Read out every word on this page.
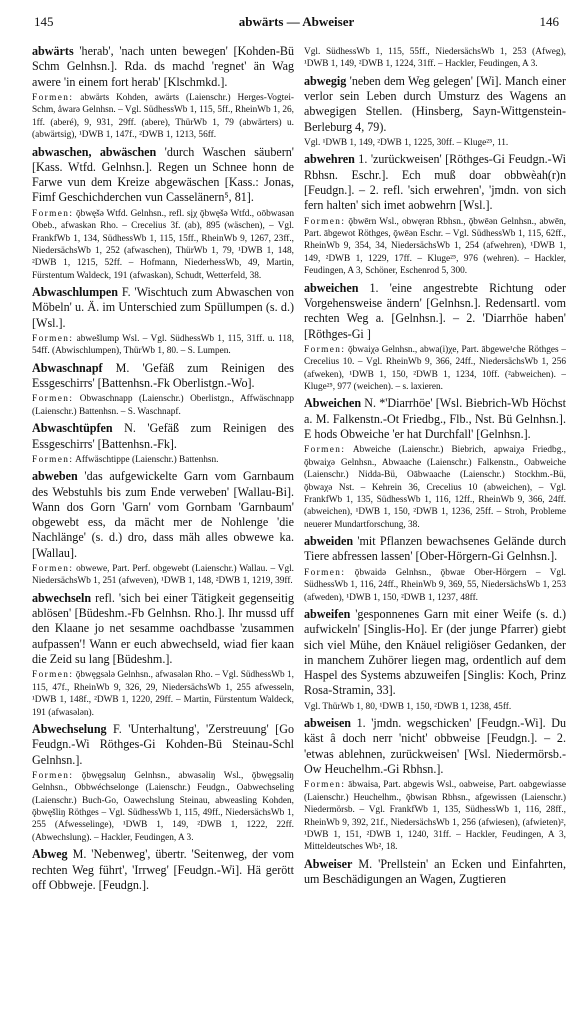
145	abwärts — Abweiser	146

abwärts 'herab', 'nach unten bewegen' [Kohden-Bü Schm Gelnhsn.]. Rda. ds machd 'regnet' än Wag awere 'in einem fort herab' [Klschmkd.].

Formen: abwärts Kohden, awärts (Laienschr.) Herges-Vogtei-Schm, åwarə Gelnhsn. – Vgl. SüdhessWb 1, 115, 5ff., RheinWb 1, 26, 1ff. (aberé), 9, 931, 29ff. (abere), ThürWb 1, 79 (abwärters) u. (abwärtsig), ¹DWB 1, 147f., ²DWB 1, 1213, 56ff.

abwaschen, abwäschen 'durch Waschen säubern' [Kass. Wtfd. Gelnhsn.]. Regen un Schnee honn de Farwe vun dem Kreize abgewäschen [Kass.: Jonas, Fimf Geschichderchen vun Casselänern⁵, 81].

Formen: ǭbwęšə Wtfd. Gelnhsn., refl. sįχ ǭbwęšə Wtfd., oōbwasən Obeb., afwaskən Rho. – Crecelius 3f. (ab), 895 (wäschen), – Vgl. FrankfWb 1, 134, SüdhessWb 1, 115, 15ff., RheinWb 9, 1267, 23ff., NiedersächsWb 1, 252 (afwaschen), ThürWb 1, 79, ¹DWB 1, 148, ²DWB 1, 1215, 52ff. – Hofmann, NiederhessWb, 49, Martin, Fürstentum Waldeck, 191 (afwaskən), Schudt, Wetterfeld, 38.

Abwaschlumpen F. 'Wischtuch zum Abwaschen von Möbeln' u. Ä. im Unterschied zum Spüllumpen (s. d.) [Wsl.].

Formen: abwešlump Wsl. – Vgl. SüdhessWb 1, 115, 31ff. u. 118, 54ff. (Abwischlumpen), ThürWb 1, 80. – S. Lumpen.

Abwaschnapf M. 'Gefäß zum Reinigen des Essgeschirrs' [Battenhsn.-Fk Oberlistgn.-Wo].

Formen: Obwaschnapp (Laienschr.) Oberlistgn., Affwäschnapp (Laienschr.) Battenhsn. – S. Waschnapf.

Abwaschtüpfen N. 'Gefäß zum Reinigen des Essgeschirrs' [Battenhsn.-Fk].

Formen: Affwäschtippe (Laienschr.) Battenhsn.

abweben 'das aufgewickelte Garn vom Garnbaum des Webstuhls bis zum Ende verweben' [Wallau-Bi]. Wann dos Gorn 'Garn' vom Gornbam 'Garnbaum' obgewebt ess, da mächt mer de Nohlenge 'die Nachlänge' (s. d.) dro, dass mäh alles obwewe ka. [Wallau].

Formen: obwewe, Part. Perf. obgewebt (Laienschr.) Wallau. – Vgl. NiedersächsWb 1, 251 (afweven), ¹DWB 1, 148, ²DWB 1, 1219, 39ff.

abwechseln refl. 'sich bei einer Tätigkeit gegenseitig ablösen' [Büdeshm.-Fb Gelnhsn. Rho.]. Ihr mussd uff den Klaane jo net sesamme oachdbasse 'zusammen aufpassen'! Wann er euch abwechseld, wiad fier kaan die Zeid su lang [Büdeshm.].

Formen: ǭbwęgsələ Gelnhsn., afwasələn Rho. – Vgl. SüdhessWb 1, 115, 47f., RheinWb 9, 326, 29, NiedersächsWb 1, 255 afwesseln, ¹DWB 1, 148f., ²DWB 1, 1220, 29ff. – Martin, Fürstentum Waldeck, 191 (afwasələn).

Abwechselung F. 'Unterhaltung', 'Zerstreuung' [Go Feudgn.-Wi Röthges-Gi Kohden-Bü Steinau-Schl Gelnhsn.].

Formen: ǭbwęgsəluŋ Gelnhsn., abwasəliŋ Wsl., ǭbwęgsəliŋ Gelnhsn., Obbwéchselonge (Laienschr.) Feudgn., Oabwechseling (Laienschr.) Buch-Go, Oawechslung Steinau, abweasling Kohden, ǭbwęšliŋ Röthges – Vgl. SüdhessWb 1, 115, 49ff., NiedersächsWb 1, 255 (Afwesselinge), ¹DWB 1, 149, ²DWB 1, 1222, 22ff. (Abwechslung). – Hackler, Feudingen, A 3.

Abweg M. 'Nebenweg', übertr. 'Seitenweg, der vom rechten Weg führt', 'Irrweg' [Feudgn.-Wi]. Hä gerött off Obbweje. [Feudgn.].

Vgl. SüdhessWb 1, 115, 55ff., NiedersächsWb 1, 253 (Afweg), ¹DWB 1, 149, ²DWB 1, 1224, 31ff. – Hackler, Feudingen, A 3.

abwegig 'neben dem Weg gelegen' [Wi]. Manch einer verlor sein Leben durch Umsturz des Wagens an abwegigen Stellen. (Hinsberg, Sayn-Wittgenstein-Berleburg 4, 79).

Vgl. ¹DWB 1, 149, ²DWB 1, 1225, 30ff. – Kluge²⁵, 11.

abwehren 1. 'zurückweisen' [Röthges-Gi Feudgn.-Wi Rbhsn. Eschr.]. Ech muß doar obbwèah(r)n [Feudgn.]. – 2. refl. 'sich erwehren', 'jmdn. von sich fern halten' sich imet aobwehrn [Wsl.].

Formen: ǭbwērn Wsl., obwęrən Rbhsn., ǭbwēǝn Gelnhsn., abwēn, Part. ābgewot Röthges, ǭwēǝn Eschr. – Vgl. SüdhessWb 1, 115, 62ff., RheinWb 9, 354, 34, NiedersächsWb 1, 254 (afwehren), ¹DWB 1, 149, ²DWB 1, 1229, 17ff. – Kluge²⁵, 976 (wehren). – Hackler, Feudingen, A 3, Schöner, Eschenrod 5, 300.

abweichen 1. 'eine angestrebte Richtung oder Vorgehensweise ändern' [Gelnhsn.]. Redensartl. vom rechten Weg a. [Gelnhsn.]. – 2. 'Diarrhöe haben' [Röthges-Gi ]

Formen: ǭbwaiχə Gelnhsn., abwa(i)χe, Part. ābgewe¹che Röthges – Crecelius 10. – Vgl. RheinWb 9, 366, 24ff., NiedersächsWb 1, 256 (afweken), ¹DWB 1, 150, ²DWB 1, 1234, 10ff. (²abweichen). – Kluge²⁵, 977 (weichen). – s. laxieren.

Abweichen N. *'Diarrhöe' [Wsl. Biebrich-Wb Höchst a. M. Falkenstn.-Ot Friedbg., Flb., Nst. Bü Gelnhsn.]. E hods Obweiche 'er hat Durchfall' [Gelnhsn.].

Formen: Abweiche (Laienschr.) Biebrich, apwaiχə Friedbg., ǭbwaiχə Gelnhsn., Abwaache (Laienschr.) Falkenstn., Oabweiche (Laienschr.) Nidda-Bü, Oābwaache (Laienschr.) Stockhm.-Bü, ǭbwaχə Nst. – Kehrein 36, Crecelius 10 (abweichen), – Vgl. FrankfWb 1, 135, SüdhessWb 1, 116, 12ff., RheinWb 9, 366, 24ff. (abweichen), ¹DWB 1, 150, ²DWB 1, 1236, 25ff. – Stroh, Probleme neuerer Mundartforschung, 38.

abweiden 'mit Pflanzen bewachsenes Gelände durch Tiere abfressen lassen' [Ober-Hörgern-Gi Gelnhsn.].

Formen: ǭbwaidə Gelnhsn., ǭbwaɐ Ober-Hörgern – Vgl. SüdhessWb 1, 116, 24ff., RheinWb 9, 369, 55, NiedersächsWb 1, 253 (afweden), ¹DWB 1, 150, ²DWB 1, 1237, 48ff.

abweifen 'gesponnenes Garn mit einer Weife (s. d.) aufwickeln' [Singlis-Ho]. Er (der junge Pfarrer) giebt sich viel Mühe, den Knäuel religiöser Gedanken, der in manchem Zuhörer liegen mag, ordentlich auf dem Haspel des Systems abzuweifen [Singlis: Koch, Prinz Rosa-Stramin, 33].

Vgl. ThürWb 1, 80, ¹DWB 1, 150, ²DWB 1, 1238, 45ff.

abweisen 1. 'jmdn. wegschicken' [Feudgn.-Wi]. Du käst â doch nerr 'nicht' obbweise [Feudgn.]. – 2. 'etwas ablehnen, zurückweisen' [Wsl. Niedermörsb.-Ow Heuchelhm.-Gi Rbhsn.].

Formen: ābwaisa, Part. abgewis Wsl., oabweise, Part. oabgewiasse (Laienschr.) Heuchelhm., ǭbwisən Rbhsn., afgewissen (Laienschr.) Niedermörsb. – Vgl. FrankfWb 1, 135, SüdhessWb 1, 116, 28ff., RheinWb 9, 392, 21f., NiedersächsWb 1, 256 (afwiesen), (afwieten)², ¹DWB 1, 151, ²DWB 1, 1240, 31ff. – Hackler, Feudingen, A 3, Mitteldeutsches Wb², 18.

Abweiser M. 'Prellstein' an Ecken und Einfahrten, um Beschädigungen an Wagen, Zugtieren
